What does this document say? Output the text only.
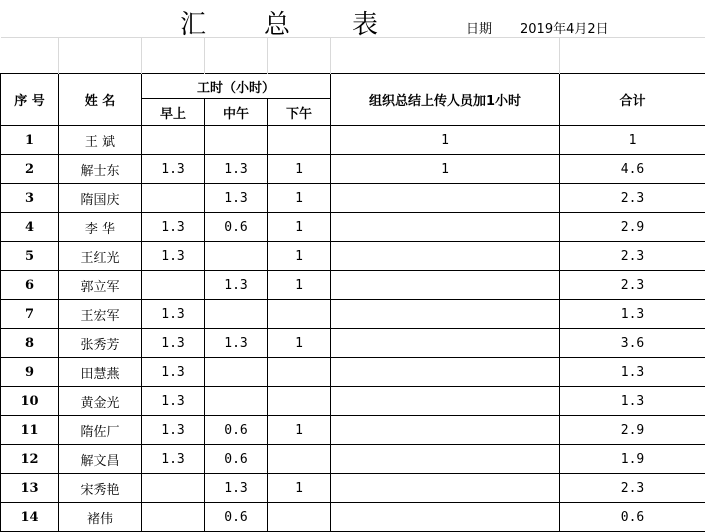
序 号	姓 名	工时（小时）			组织总结上传人员加1小时	合计
		早上	中午	下午		
1	王 斌				1	1
2	解士东	1.3	1.3	1	1	4.6
3	隋国庆		1.3	1		2.3
4	李 华	1.3	0.6	1		2.9
5	王红光	1.3		1		2.3
6	郭立军		1.3	1		2.3
7	王宏军	1.3				1.3
8	张秀芳	1.3	1.3	1		3.6
9	田慧燕	1.3				1.3
10	黄金光	1.3				1.3
11	隋佐厂	1.3	0.6	1		2.9
12	解文昌	1.3	0.6			1.9
13	宋秀艳		1.3	1		2.3
14	褚伟		0.6			0.6
汇 总 表	日期 2019年4月2日
